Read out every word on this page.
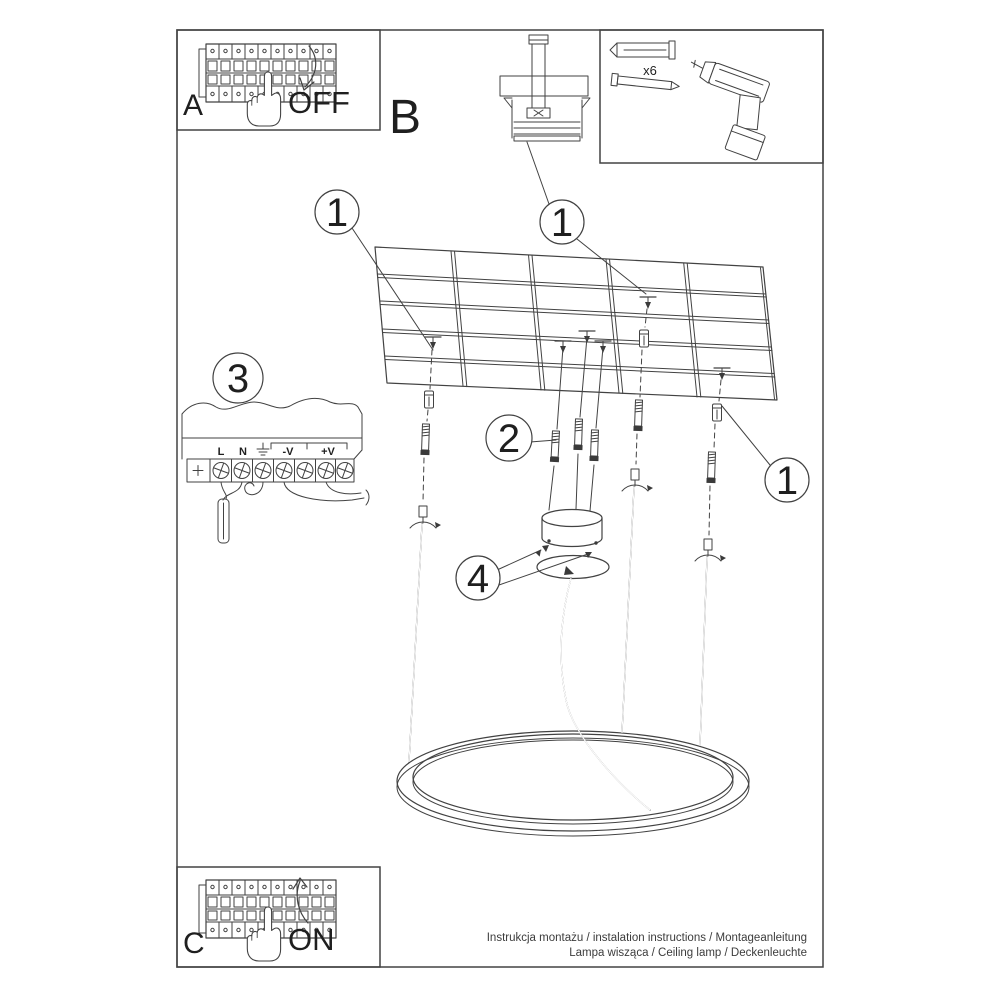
A	OFF
C	ON
B
x6
L N	-V	+V
1	1
1
2
3
4
Instrukcja montażu / instalation instructions / Montageanleitung
Lampa wisząca / Ceiling lamp / Deckenleuchte
